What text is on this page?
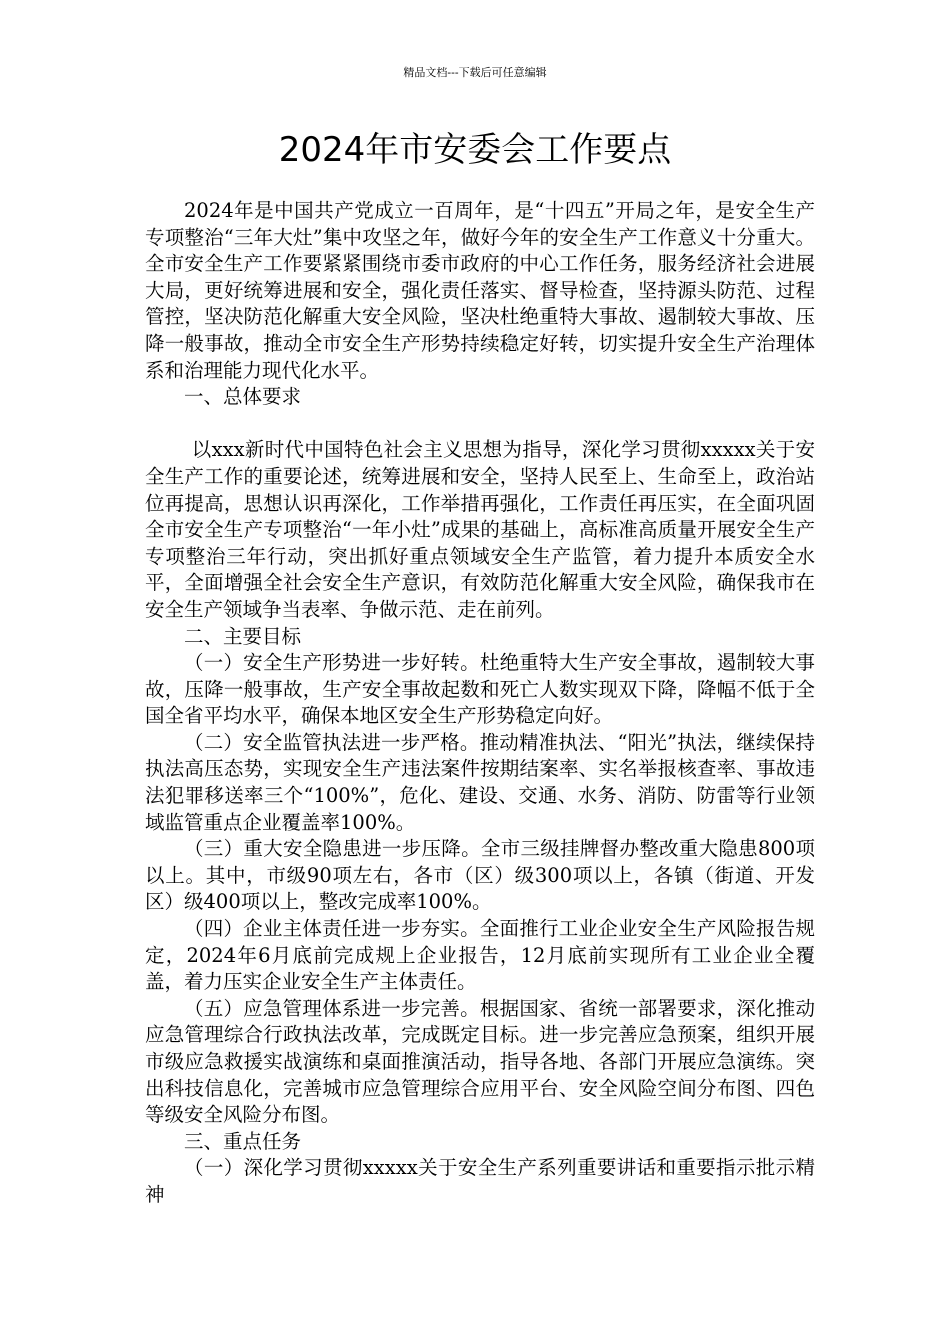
精品文档---下载后可任意编辑
2024年市安委会工作要点

2024年是中国共产党成立一百周年，是“十四五”开局之年，是安全生产专项整治“三年大灶”集中攻坚之年，做好今年的安全生产工作意义十分重大。全市安全生产工作要紧紧围绕市委市政府的中心工作任务，服务经济社会进展大局，更好统筹进展和安全，强化责任落实、督导检查，坚持源头防范、过程管控，坚决防范化解重大安全风险，坚决杜绝重特大事故、遏制较大事故、压降一般事故，推动全市安全生产形势持续稳定好转，切实提升安全生产治理体系和治理能力现代化水平。

一、总体要求

以xxx新时代中国特色社会主义思想为指导，深化学习贯彻xxxxx关于安全生产工作的重要论述，统筹进展和安全，坚持人民至上、生命至上，政治站位再提高，思想认识再深化，工作举措再强化，工作责任再压实，在全面巩固全市安全生产专项整治“一年小灶”成果的基础上，高标准高质量开展安全生产专项整治三年行动，突出抓好重点领域安全生产监管，着力提升本质安全水平，全面增强全社会安全生产意识，有效防范化解重大安全风险，确保我市在安全生产领域争当表率、争做示范、走在前列。

二、主要目标

（一）安全生产形势进一步好转。杜绝重特大生产安全事故，遏制较大事故，压降一般事故，生产安全事故起数和死亡人数实现双下降，降幅不低于全国全省平均水平，确保本地区安全生产形势稳定向好。

（二）安全监管执法进一步严格。推动精准执法、“阳光”执法，继续保持执法高压态势，实现安全生产违法案件按期结案率、实名举报核查率、事故违法犯罪移送率三个“100%”，危化、建设、交通、水务、消防、防雷等行业领域监管重点企业覆盖率100%。

（三）重大安全隐患进一步压降。全市三级挂牌督办整改重大隐患800项以上。其中，市级90项左右，各市（区）级300项以上，各镇（街道、开发区）级400项以上，整改完成率100%。

（四）企业主体责任进一步夯实。全面推行工业企业安全生产风险报告规定，2024年6月底前完成规上企业报告，12月底前实现所有工业企业全覆盖，着力压实企业安全生产主体责任。

（五）应急管理体系进一步完善。根据国家、省统一部署要求，深化推动应急管理综合行政执法改革，完成既定目标。进一步完善应急预案，组织开展市级应急救援实战演练和桌面推演活动，指导各地、各部门开展应急演练。突出科技信息化，完善城市应急管理综合应用平台、安全风险空间分布图、四色等级安全风险分布图。

三、重点任务

（一）深化学习贯彻xxxxx关于安全生产系列重要讲话和重要指示批示精神
